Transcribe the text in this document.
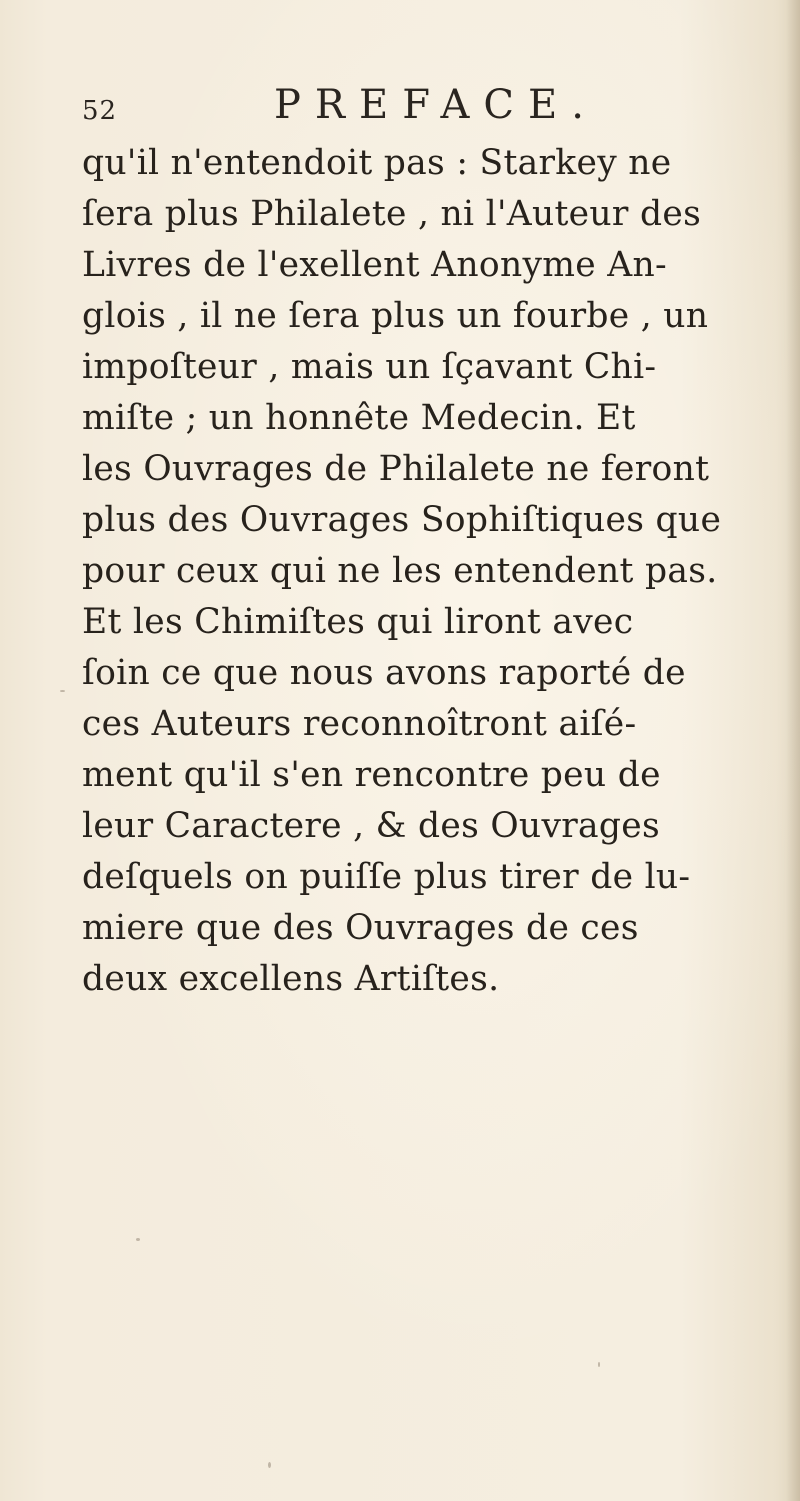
52	PREFACE.
qu'il n'entendoit pas : Starkey ne
ſera plus Philalete , ni l'Auteur des
Livres de l'exellent Anonyme An-
glois , il ne ſera plus un fourbe , un
impoſteur , mais un ſçavant Chi-
miſte ; un honnête Medecin. Et
les Ouvrages de Philalete ne feront
plus des Ouvrages Sophiſtiques que
pour ceux qui ne les entendent pas.
Et les Chimiſtes qui liront avec
ſoin ce que nous avons raporté de
ces Auteurs reconnoîtront aiſé-
ment qu'il s'en rencontre peu de
leur Caractere , & des Ouvrages
deſquels on puiſſe plus tirer de lu-
miere que des Ouvrages de ces
deux excellens Artiſtes.
